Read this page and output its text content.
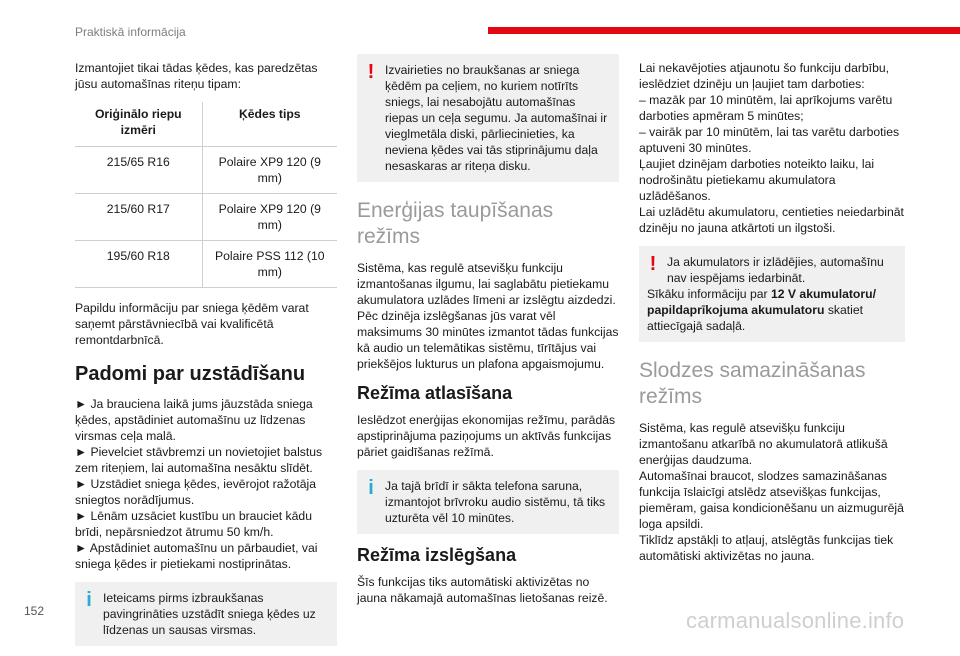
Praktiskā informācija

Izmantojiet tikai tādas ķēdes, kas paredzētas jūsu automašīnas riteņu tipam:

Oriģinālo riepu izmēri	Ķēdes tips
215/65 R16	Polaire XP9 120 (9 mm)
215/60 R17	Polaire XP9 120 (9 mm)
195/60 R18	Polaire PSS 112 (10 mm)

Papildu informāciju par sniega ķēdēm varat saņemt pārstāvniecībā vai kvalificētā remontdarbnīcā.

Padomi par uzstādīšanu

► Ja brauciena laikā jums jāuzstāda sniega ķēdes, apstādiniet automašīnu uz līdzenas virsmas ceļa malā.

► Pievelciet stāvbremzi un novietojiet balstus zem riteņiem, lai automašīna nesāktu slīdēt.

► Uzstādiet sniega ķēdes, ievērojot ražotāja sniegtos norādījumus.

► Lēnām uzsāciet kustību un brauciet kādu brīdi, nepārsniedzot ātrumu 50 km/h.

► Apstādiniet automašīnu un pārbaudiet, vai sniega ķēdes ir pietiekami nostiprinātas.

i Ieteicams pirms izbraukšanas pavingrināties uzstādīt sniega ķēdes uz līdzenas un sausas virsmas.

! Izvairieties no braukšanas ar sniega ķēdēm pa ceļiem, no kuriem notīrīts sniegs, lai nesabojātu automašīnas riepas un ceļa segumu. Ja automašīnai ir vieglmetāla diski, pārliecinieties, ka neviena ķēdes vai tās stiprinājumu daļa nesaskaras ar riteņa disku.

Enerģijas taupīšanas režīms

Sistēma, kas regulē atsevišķu funkciju izmantošanas ilgumu, lai saglabātu pietiekamu akumulatora uzlādes līmeni ar izslēgtu aizdedzi. Pēc dzinēja izslēgšanas jūs varat vēl maksimums 30 minūtes izmantot tādas funkcijas kā audio un telemātikas sistēmu, tīrītājus vai priekšējos lukturus un plafona apgaismojumu.

Režīma atlasīšana

Ieslēdzot enerģijas ekonomijas režīmu, parādās apstiprinājuma paziņojums un aktīvās funkcijas pāriet gaidīšanas režīmā.

i Ja tajā brīdī ir sākta telefona saruna, izmantojot brīvroku audio sistēmu, tā tiks uzturēta vēl 10 minūtes.

Režīma izslēgšana

Šīs funkcijas tiks automātiski aktivizētas no jauna nākamajā automašīnas lietošanas reizē.

Lai nekavējoties atjaunotu šo funkciju darbību, ieslēdziet dzinēju un ļaujiet tam darboties:

– mazāk par 10 minūtēm, lai aprīkojums varētu darboties apmēram 5 minūtes;

– vairāk par 10 minūtēm, lai tas varētu darboties aptuveni 30 minūtes.

Ļaujiet dzinējam darboties noteikto laiku, lai nodrošinātu pietiekamu akumulatora uzlādēšanos.

Lai uzlādētu akumulatoru, centieties neiedarbināt dzinēju no jauna atkārtoti un ilgstoši.

! Ja akumulators ir izlādējies, automašīnu nav iespējams iedarbināt.

Sīkāku informāciju par 12 V akumulatoru/ papildaprīkojuma akumulatoru skatiet attiecīgajā sadaļā.

Slodzes samazināšanas režīms

Sistēma, kas regulē atsevišķu funkciju izmantošanu atkarībā no akumulatorā atlikušā enerģijas daudzuma.

Automašīnai braucot, slodzes samazināšanas funkcija īslaicīgi atslēdz atsevišķas funkcijas, piemēram, gaisa kondicionēšanu un aizmugurējā loga apsildi.

Tiklīdz apstākļi to atļauj, atslēgtās funkcijas tiek automātiski aktivizētas no jauna.

152	carmanualsonline.info
